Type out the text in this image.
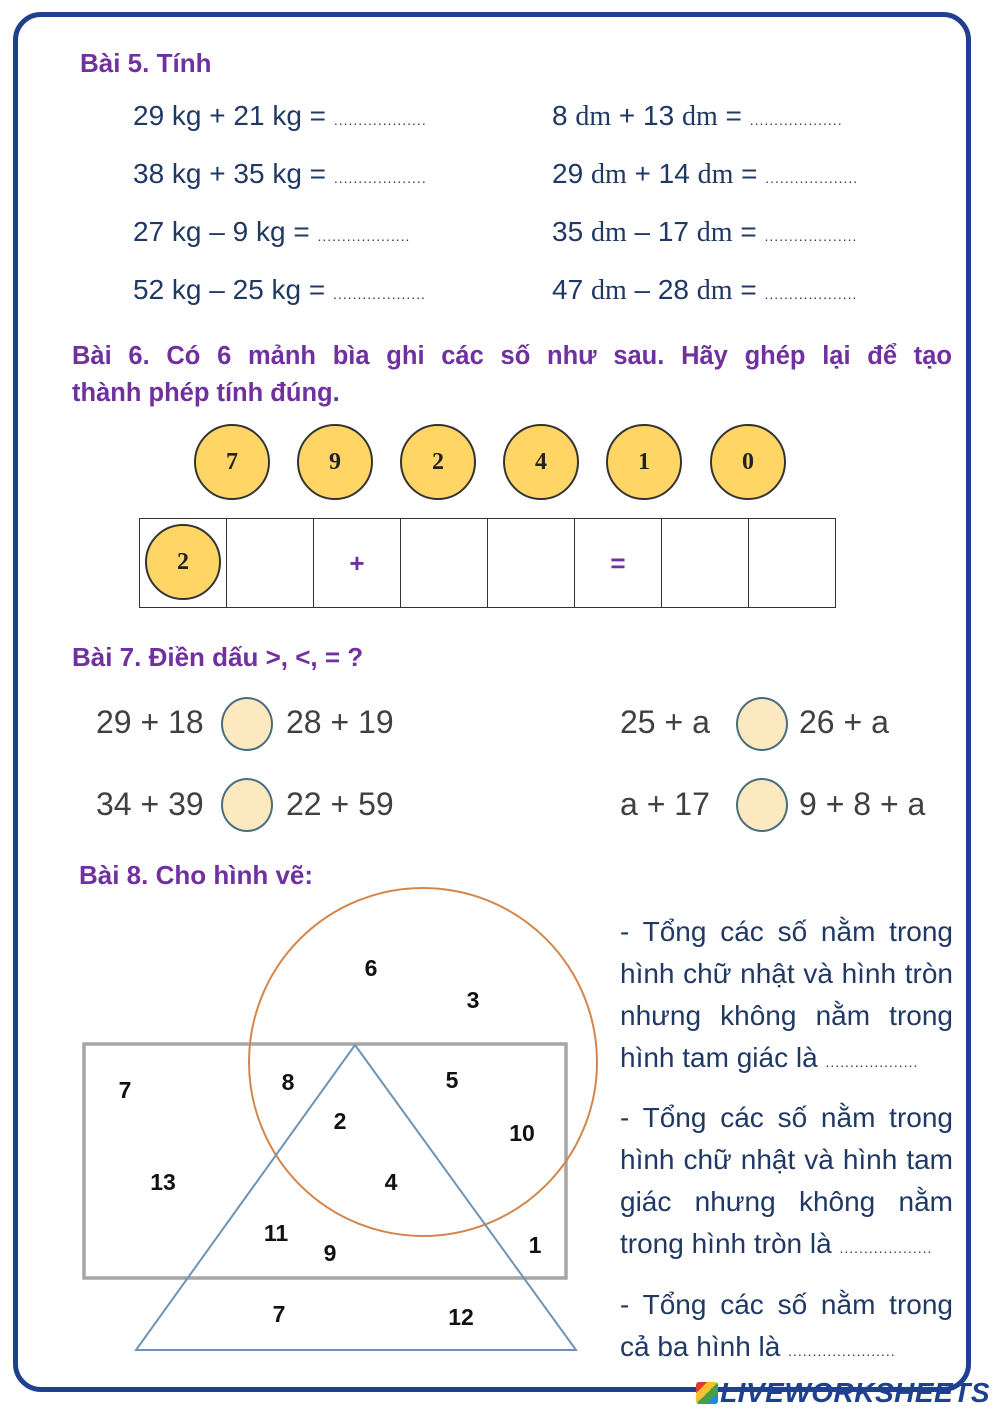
Bài 5. Tính
29 kg + 21 kg = ...................
38 kg + 35 kg = ...................
27 kg – 9 kg = ...................
52 kg – 25 kg = ...................
8 dm + 13 dm = ...................
29 dm + 14 dm = ...................
35 dm – 17 dm = ...................
47 dm – 28 dm = ...................
Bài 6. Có 6 mảnh bìa ghi các số như sau. Hãy ghép lại để tạo
thành phép tính đúng.
7	9	2	4	1	0
2		+			=		
Bài 7. Điền dấu >, <, = ?
29 + 18	28 + 19	25 + a	26 + a
34 + 39	22 + 59	a + 17	9 + 8 + a
Bài 8. Cho hình vẽ:
6
3
7	8	5
2	10
13	4
11
9	1
7	12
- Tổng các số nằm trong hình chữ nhật và hình tròn nhưng không nằm trong hình tam giác là ...................
- Tổng các số nằm trong hình chữ nhật và hình tam giác nhưng không nằm trong hình tròn là ...................
- Tổng các số nằm trong cả ba hình là ......................
LIVEWORKSHEETS
